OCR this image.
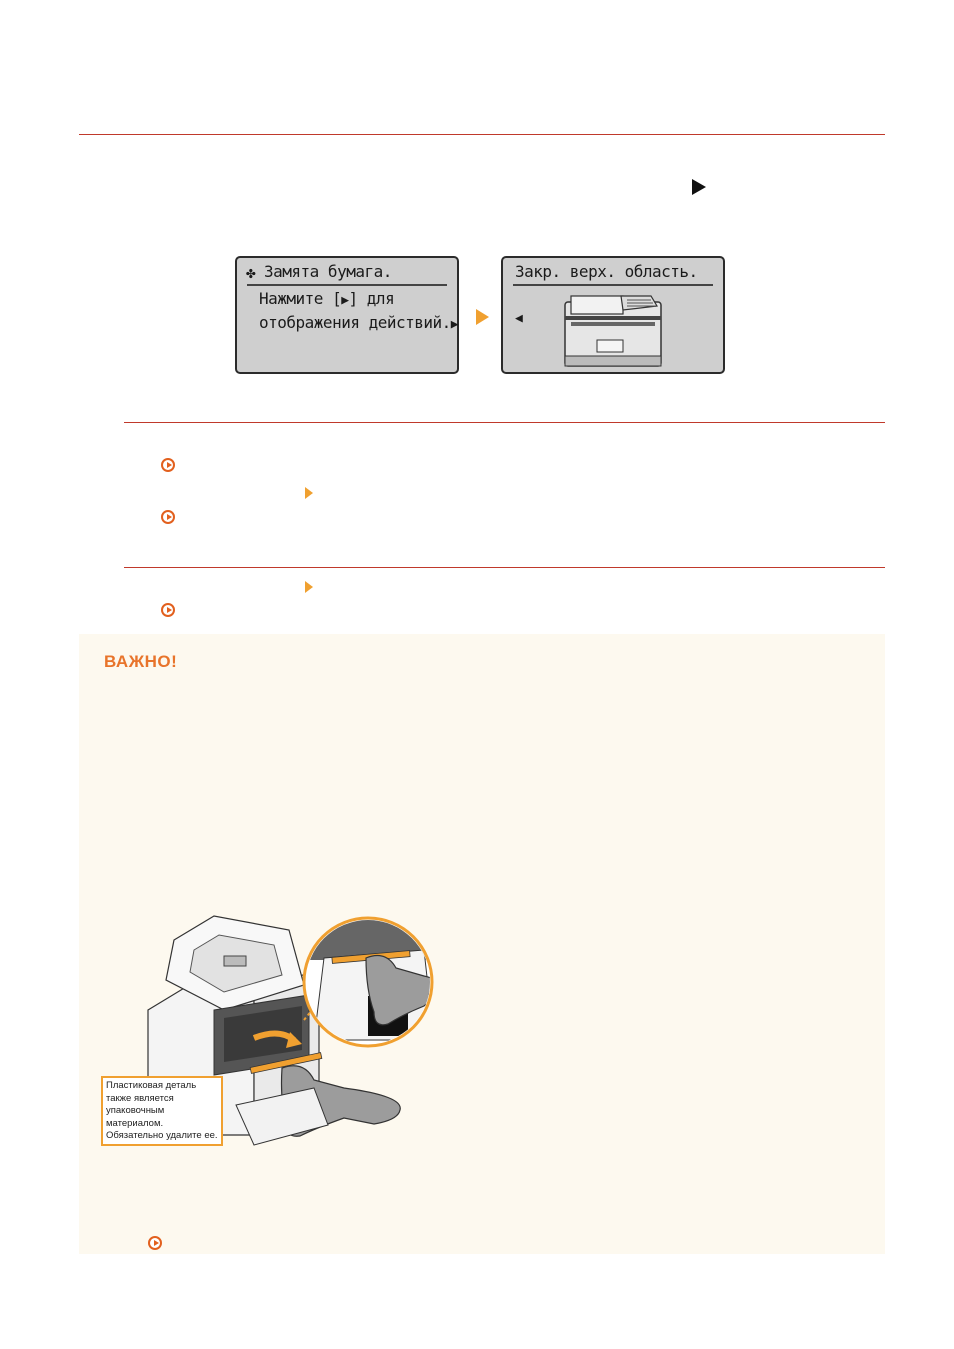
✤ Замята бумага.
Нажмите [▶] для
отображения действий.▶
Закр. верх. область.
◀
ВАЖНО!
Пластиковая деталь
также является
упаковочным материалом.
Обязательно удалите ее.
